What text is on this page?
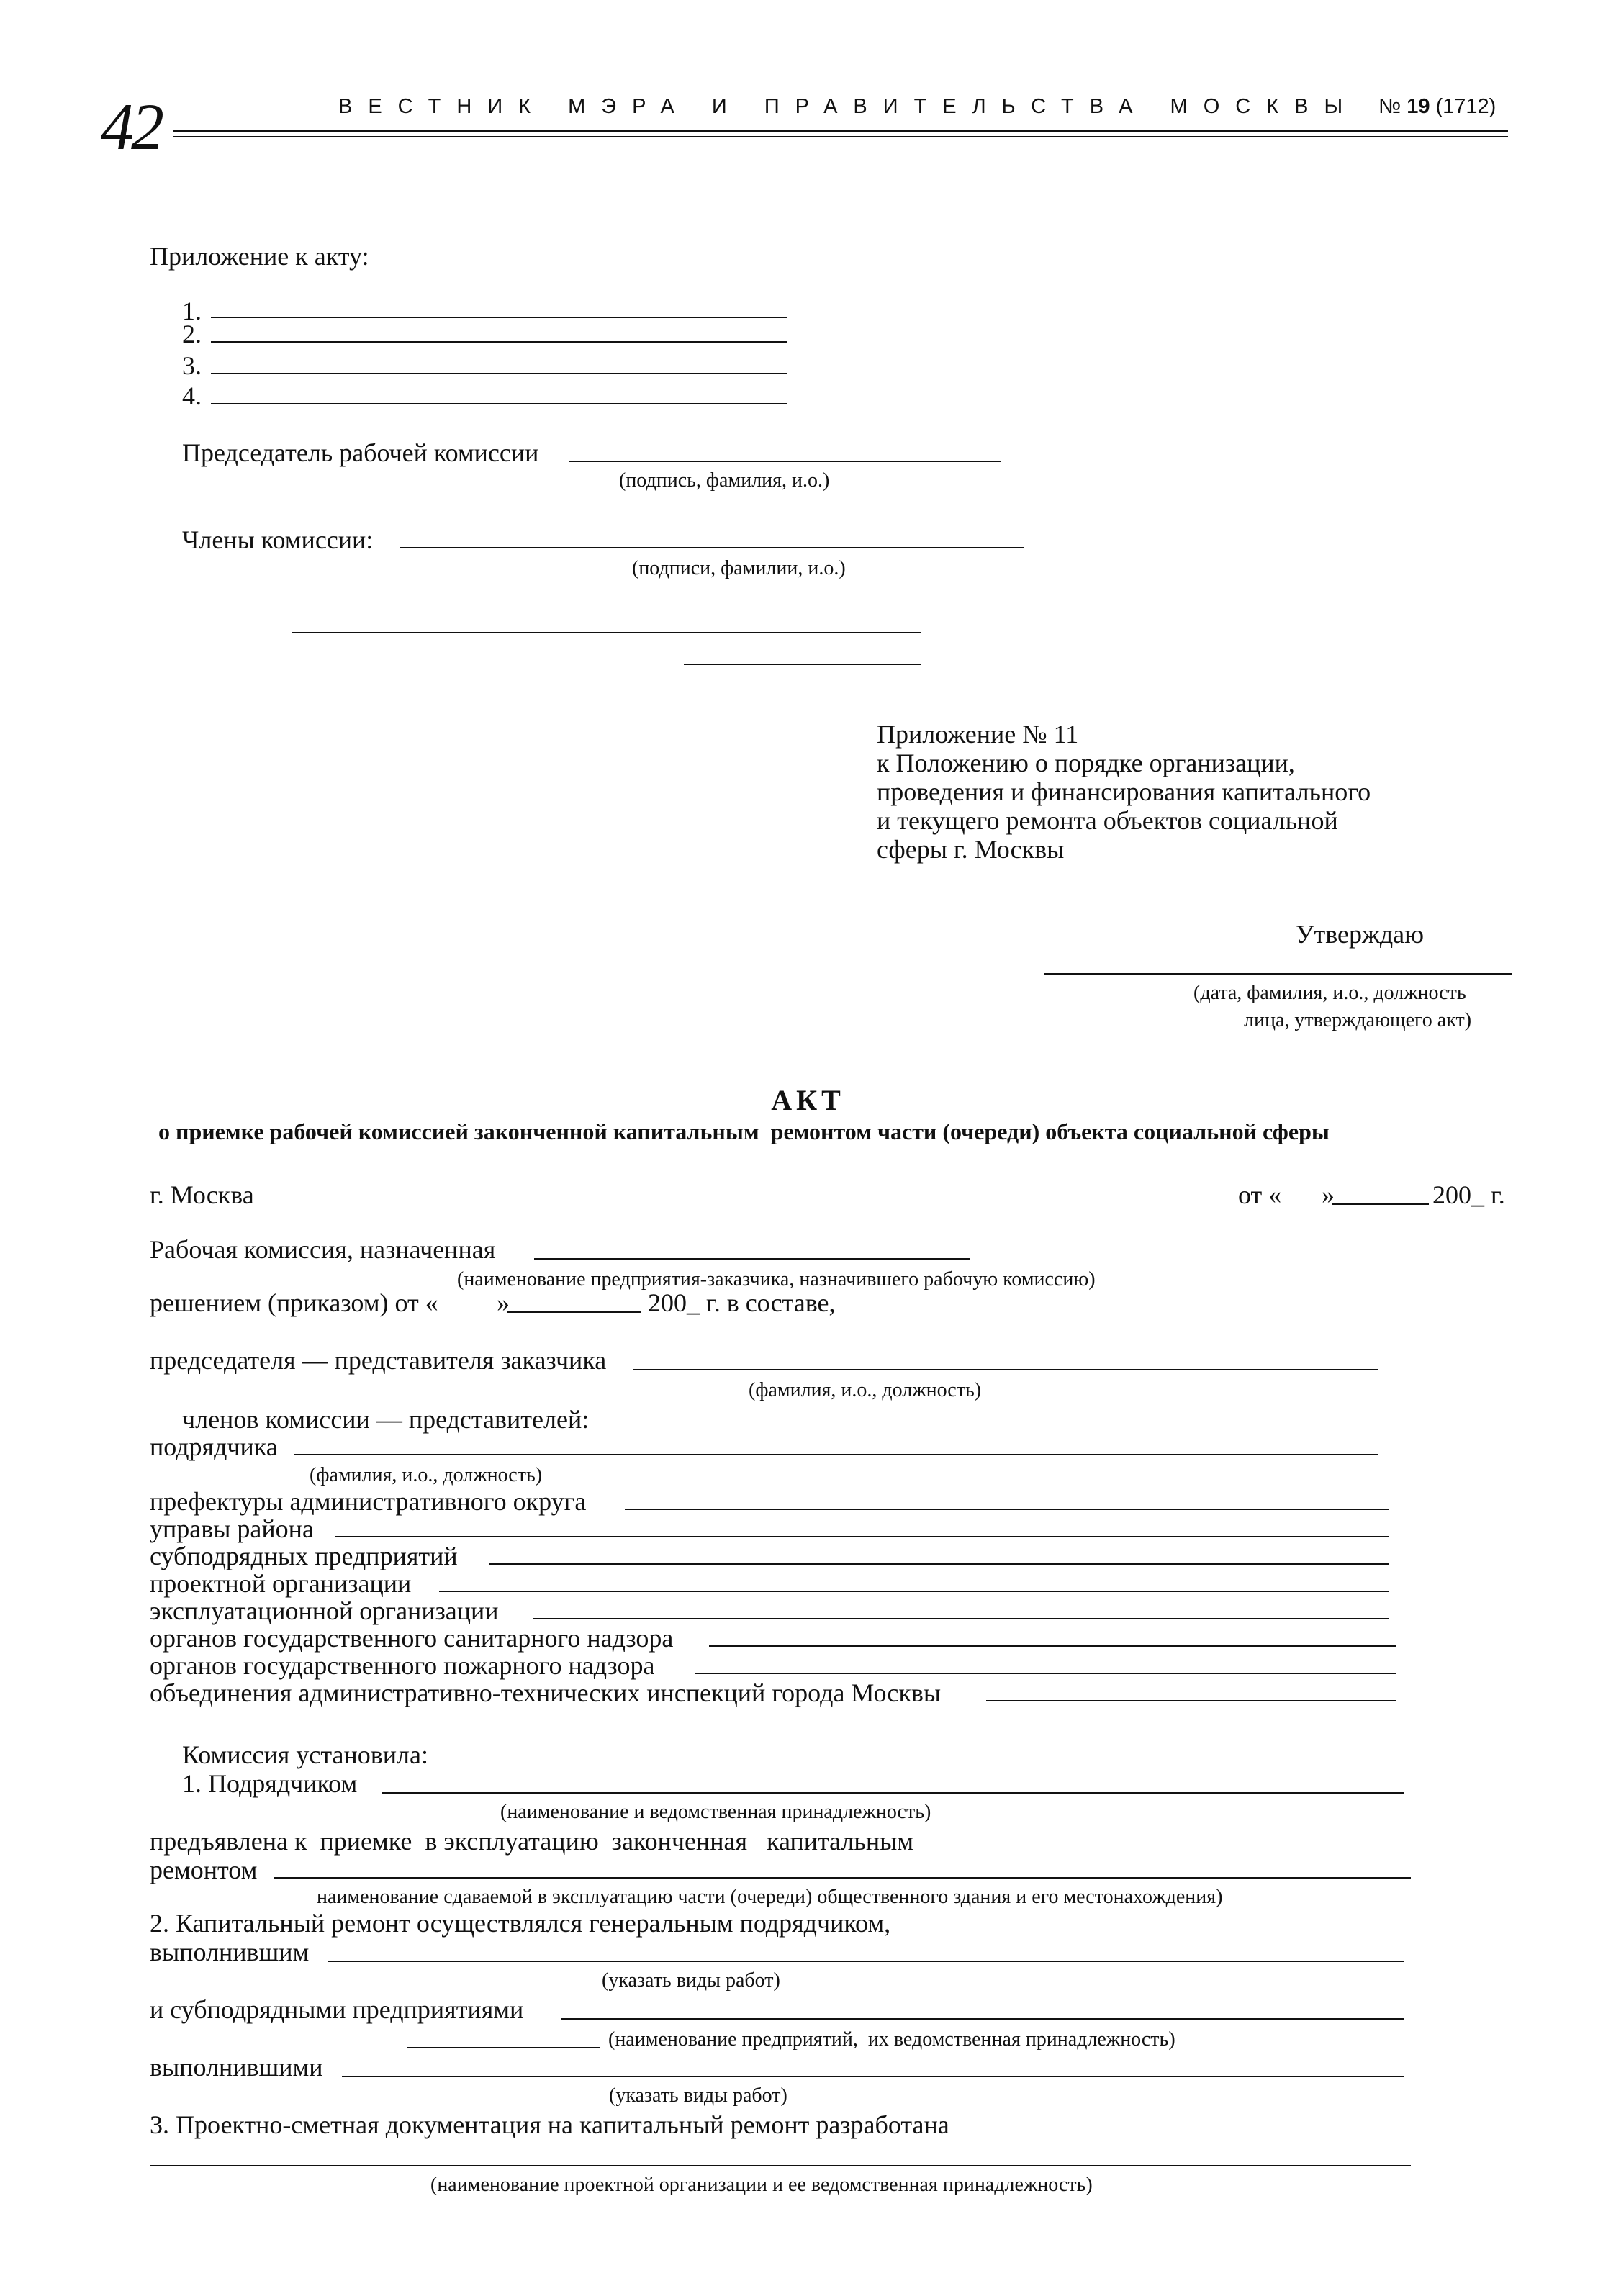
42	ВЕСТНИК МЭРА И ПРАВИТЕЛЬСТВА МОСКВЫ № 19 (1712)
Приложение к акту:
1.
2.
3.
4.
Председатель рабочей комиссии
(подпись, фамилия, и.о.)
Члены комиссии:
(подписи, фамилии, и.о.)
Приложение № 11
к Положению о порядке организации,
проведения и финансирования капитального
и текущего ремонта объектов социальной
сферы г. Москвы
Утверждаю
(дата, фамилия, и.о., должность
лица, утверждающего акт)
АКТ
о приемке рабочей комиссией законченной капитальным  ремонтом части (очереди) объекта социальной сферы
г. Москва	от « »	200_ г.
Рабочая комиссия, назначенная
(наименование предприятия-заказчика, назначившего рабочую комиссию)
решением (приказом) от « »	200_ г. в составе,
председателя — представителя заказчика
(фамилия, и.о., должность)
членов комиссии — представителей:
подрядчика
(фамилия, и.о., должность)
префектуры административного округа
управы района
субподрядных предприятий
проектной организации
эксплуатационной организации
органов государственного санитарного надзора
органов государственного пожарного надзора
объединения административно-технических инспекций города Москвы
Комиссия установила:
1. Подрядчиком
(наименование и ведомственная принадлежность)
предъявлена к  приемке  в эксплуатацию  законченная   капитальным
ремонтом
наименование сдаваемой в эксплуатацию части (очереди) общественного здания и его местонахождения)
2. Капитальный ремонт осуществлялся генеральным подрядчиком,
выполнившим
(указать виды работ)
и субподрядными предприятиями
(наименование предприятий,  их ведомственная принадлежность)
выполнившими
(указать виды работ)
3. Проектно-сметная документация на капитальный ремонт разработана
(наименование проектной организации и ее ведомственная принадлежность)
